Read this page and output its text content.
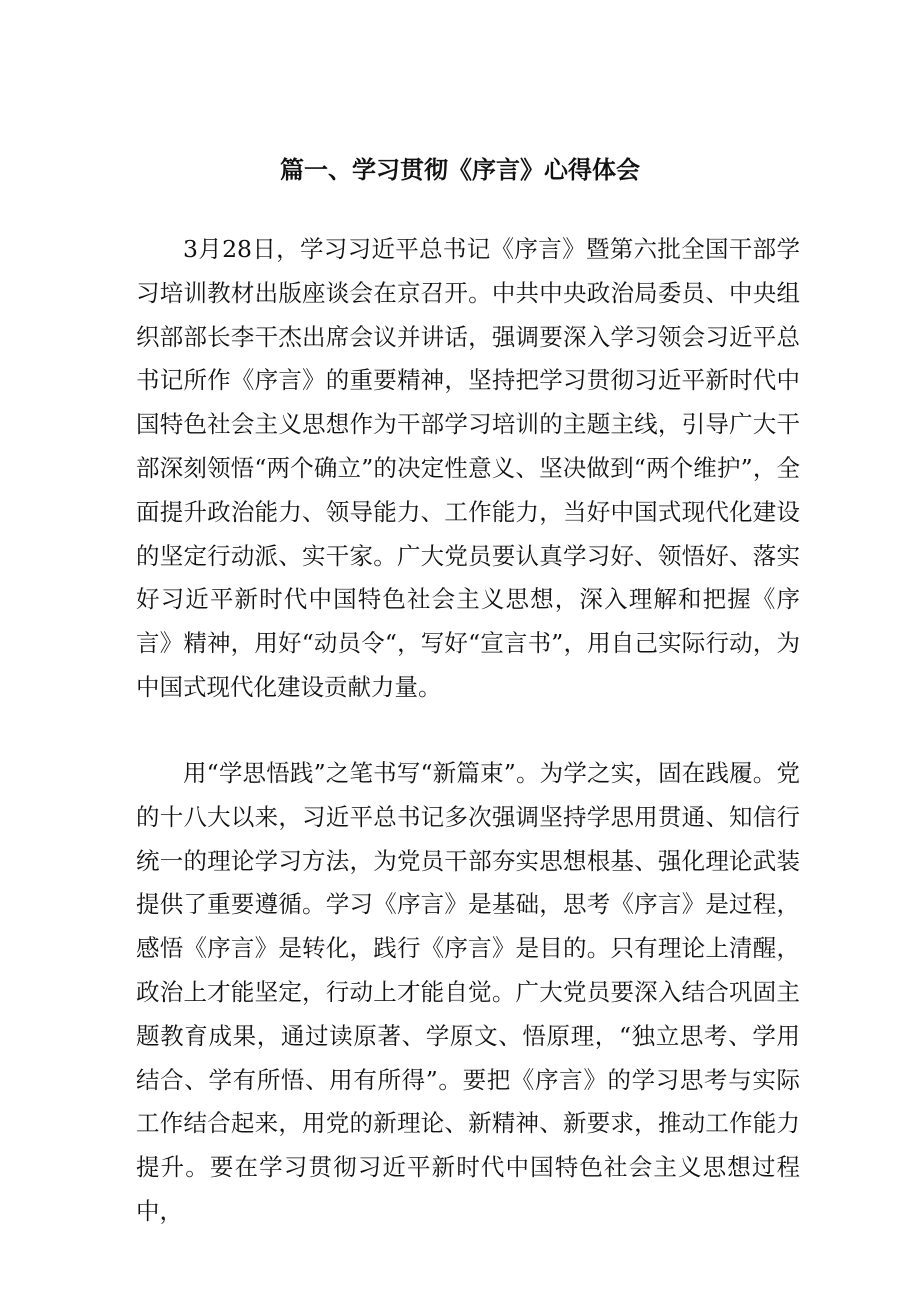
篇一、学习贯彻《序言》心得体会

3月28日，学习习近平总书记《序言》暨第六批全国干部学习培训教材出版座谈会在京召开。中共中央政治局委员、中央组织部部长李干杰出席会议并讲话，强调要深入学习领会习近平总书记所作《序言》的重要精神，坚持把学习贯彻习近平新时代中国特色社会主义思想作为干部学习培训的主题主线，引导广大干部深刻领悟“两个确立”的决定性意义、坚决做到“两个维护”，全面提升政治能力、领导能力、工作能力，当好中国式现代化建设的坚定行动派、实干家。广大党员要认真学习好、领悟好、落实好习近平新时代中国特色社会主义思想，深入理解和把握《序言》精神，用好“动员令“，写好“宣言书”，用自己实际行动，为中国式现代化建设贡献力量。

用“学思悟践”之笔书写“新篇束”。为学之实，固在践履。党的十八大以来，习近平总书记多次强调坚持学思用贯通、知信行统一的理论学习方法，为党员干部夯实思想根基、强化理论武装提供了重要遵循。学习《序言》是基础，思考《序言》是过程，感悟《序言》是转化，践行《序言》是目的。只有理论上清醒，政治上才能坚定，行动上才能自觉。广大党员要深入结合巩固主题教育成果，通过读原著、学原文、悟原理，“独立思考、学用结合、学有所悟、用有所得”。要把《序言》的学习思考与实际工作结合起来，用党的新理论、新精神、新要求，推动工作能力提升。要在学习贯彻习近平新时代中国特色社会主义思想过程中，
